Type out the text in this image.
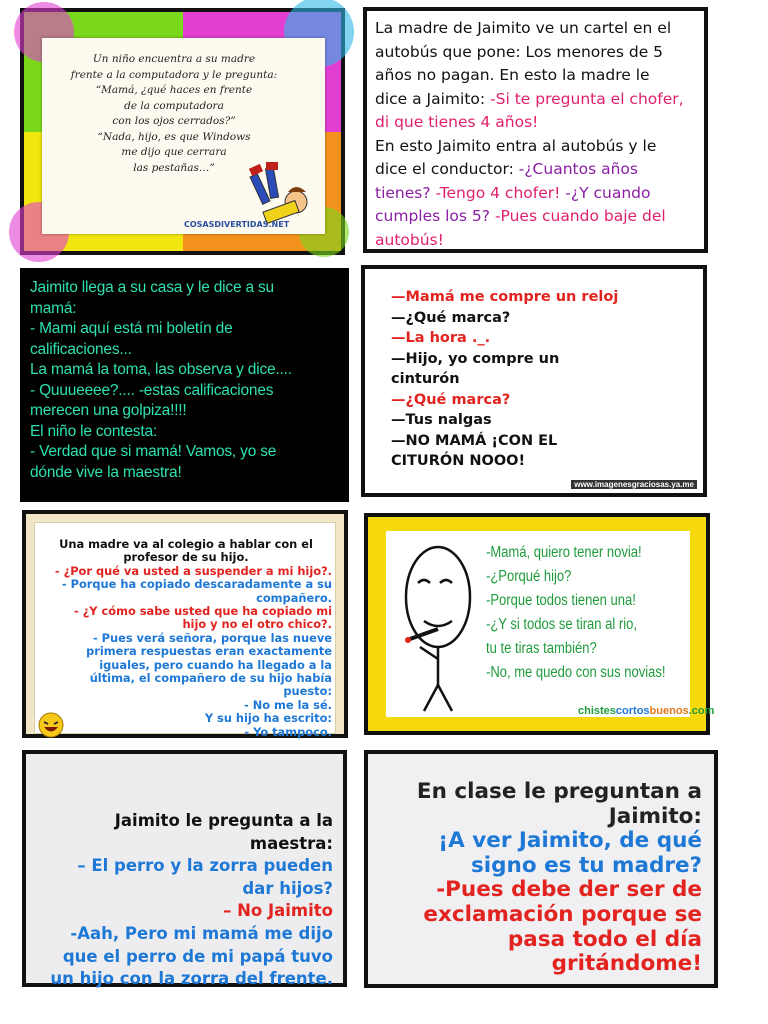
Un niño encuentra a su madre
frente a la computadora y le pregunta:
“Mamá, ¿qué haces en frente
de la computadora
con los ojos cerrados?”
“Nada, hijo, es que Windows
me dijo que cerrara
las pestañas…”
COSASDIVERTIDAS.NET
La madre de Jaimito ve un cartel en el
autobús que pone: Los menores de 5
años no pagan. En esto la madre le
dice a Jaimito: -Si te pregunta el chofer,
di que tienes 4 años!
En esto Jaimito entra al autobús y le
dice el conductor: -¿Cuantos años
tienes? -Tengo 4 chofer! -¿Y cuando
cumples los 5? -Pues cuando baje del
autobús!
Jaimito llega a su casa y le dice a su
mamá:
- Mami aquí está mi boletín de
calificaciones...
La mamá la toma, las observa y dice....
- Quuueeee?.... -estas calificaciones
merecen una golpiza!!!!
El niño le contesta:
- Verdad que si mamá! Vamos, yo se
dónde vive la maestra!
—Mamá me compre un reloj
—¿Qué marca?
—La hora ._.
—Hijo, yo compre un
cinturón
—¿Qué marca?
—Tus nalgas
—NO MAMÁ ¡CON EL
CITURÓN NOOO!
www.imagenesgraciosas.ya.me
Una madre va al colegio a hablar con el
profesor de su hijo.
- ¿Por qué va usted a suspender a mi hijo?.
- Porque ha copiado descaradamente a su
compañero.
- ¿Y cómo sabe usted que ha copiado mi
hijo y no el otro chico?.
- Pues verá señora, porque las nueve
primera respuestas eran exactamente
iguales, pero cuando ha llegado a la
última, el compañero de su hijo había
puesto:
- No me la sé.
Y su hijo ha escrito:
- Yo tampoco.
-Mamá, quiero tener novia!
-¿Porqué hijo?
-Porque todos tienen una!
-¿Y si todos se tiran al rio,
tu te tiras también?
-No, me quedo con sus novias!
chistescortosbuenos.com
Jaimito le pregunta a la
maestra:
– El perro y la zorra pueden
dar hijos?
– No Jaimito
-Aah, Pero mi mamá me dijo
que el perro de mi papá tuvo
un hijo con la zorra del frente.
En clase le preguntan a
Jaimito:
¡A ver Jaimito, de qué
signo es tu madre?
-Pues debe der ser de
exclamación porque se
pasa todo el día
gritándome!
